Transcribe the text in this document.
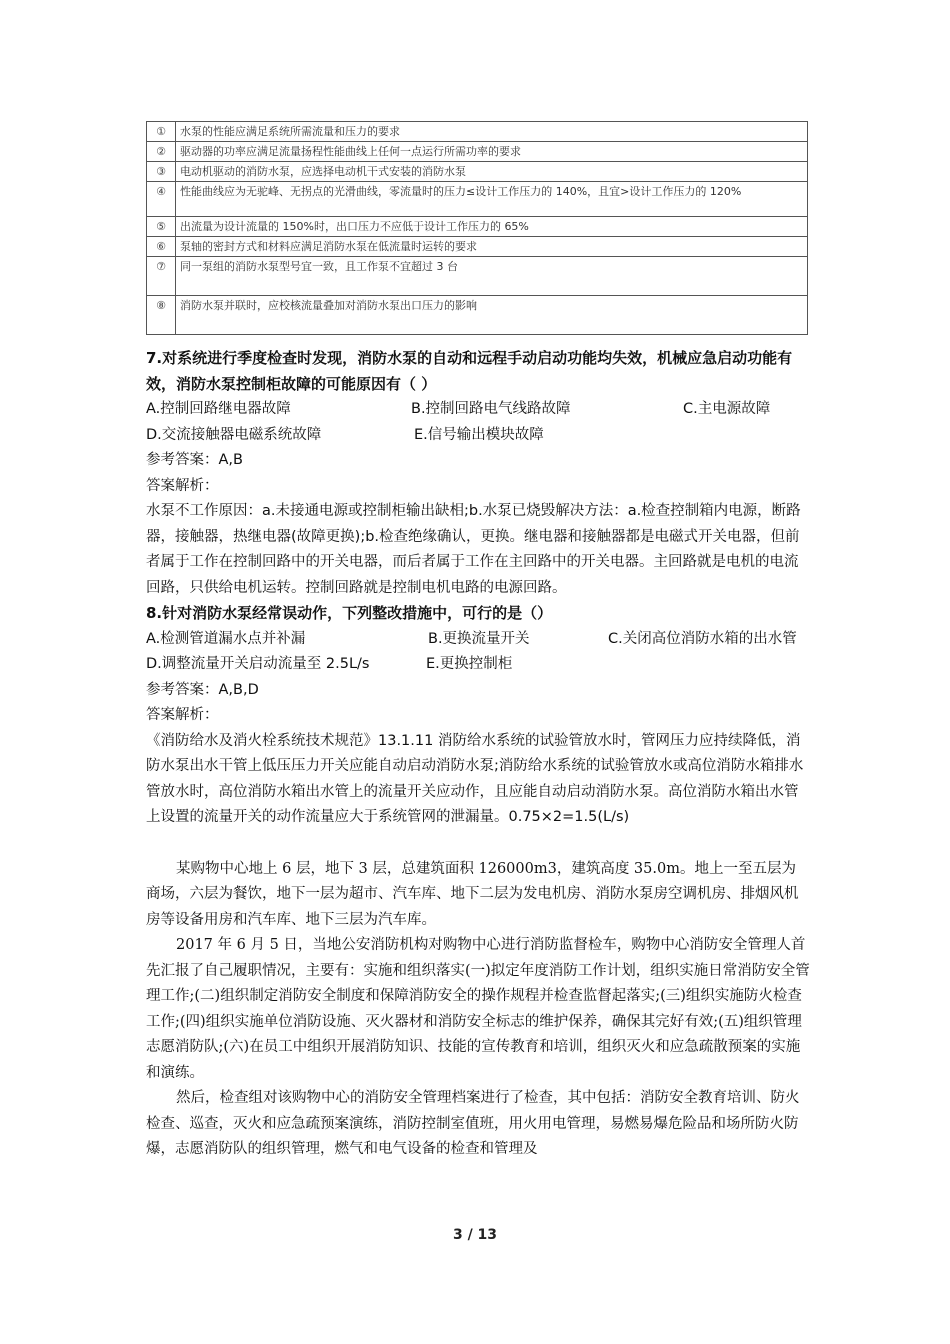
①	水泵的性能应满足系统所需流量和压力的要求
②	驱动器的功率应满足流量扬程性能曲线上任何一点运行所需功率的要求
③	电动机驱动的消防水泵，应选择电动机干式安装的消防水泵
④	性能曲线应为无驼峰、无拐点的光滑曲线，零流量时的压力≤设计工作压力的 140%，且宜>设计工作压力的 120%
⑤	出流量为设计流量的 150%时，出口压力不应低于设计工作压力的 65%
⑥	泵轴的密封方式和材料应满足消防水泵在低流量时运转的要求
⑦	同一泵组的消防水泵型号宜一致，且工作泵不宜超过 3 台
⑧	消防水泵并联时，应校核流量叠加对消防水泵出口压力的影响

7.对系统进行季度检查时发现，消防水泵的自动和远程手动启动功能均失效，机械应急启动功能有效，消防水泵控制柜故障的可能原因有（ ）

A.控制回路继电器故障	B.控制回路电气线路故障	C.主电源故障
D.交流接触器电磁系统故障	E.信号输出模块故障

参考答案：A,B

答案解析：

水泵不工作原因：a.未接通电源或控制柜输出缺相;b.水泵已烧毁解决方法：a.检查控制箱内电源，断路器，接触器，热继电器(故障更换);b.检查绝缘确认，更换。继电器和接触器都是电磁式开关电器，但前者属于工作在控制回路中的开关电器，而后者属于工作在主回路中的开关电器。主回路就是电机的电流回路，只供给电机运转。控制回路就是控制电机电路的电源回路。

8.针对消防水泵经常误动作，下列整改措施中，可行的是（）

A.检测管道漏水点并补漏	B.更换流量开关	C.关闭高位消防水箱的出水管

D.调整流量开关启动流量至 2.5L/s	E.更换控制柜

参考答案：A,B,D

答案解析：

《消防给水及消火栓系统技术规范》13.1.11 消防给水系统的试验管放水时，管网压力应持续降低，消防水泵出水干管上低压压力开关应能自动启动消防水泵;消防给水系统的试验管放水或高位消防水箱排水管放水时，高位消防水箱出水管上的流量开关应动作，且应能自动启动消防水泵。高位消防水箱出水管上设置的流量开关的动作流量应大于系统管网的泄漏量。0.75×2=1.5(L/s)

某购物中心地上 6 层，地下 3 层，总建筑面积 126000m3，建筑高度 35.0m。地上一至五层为商场，六层为餐饮，地下一层为超市、汽车库、地下二层为发电机房、消防水泵房空调机房、排烟风机房等设备用房和汽车库、地下三层为汽车库。

2017 年 6 月 5 日，当地公安消防机构对购物中心进行消防监督检车，购物中心消防安全管理人首先汇报了自己履职情况，主要有：实施和组织落实(一)拟定年度消防工作计划，组织实施日常消防安全管理工作;(二)组织制定消防安全制度和保障消防安全的操作规程并检查监督起落实;(三)组织实施防火检查工作;(四)组织实施单位消防设施、灭火器材和消防安全标志的维护保养，确保其完好有效;(五)组织管理志愿消防队;(六)在员工中组织开展消防知识、技能的宣传教育和培训，组织灭火和应急疏散预案的实施和演练。

然后，检查组对该购物中心的消防安全管理档案进行了检查，其中包括：消防安全教育培训、防火检查、巡查，灭火和应急疏预案演练，消防控制室值班，用火用电管理，易燃易爆危险品和场所防火防爆，志愿消防队的组织管理，燃气和电气设备的检查和管理及

3 / 13
